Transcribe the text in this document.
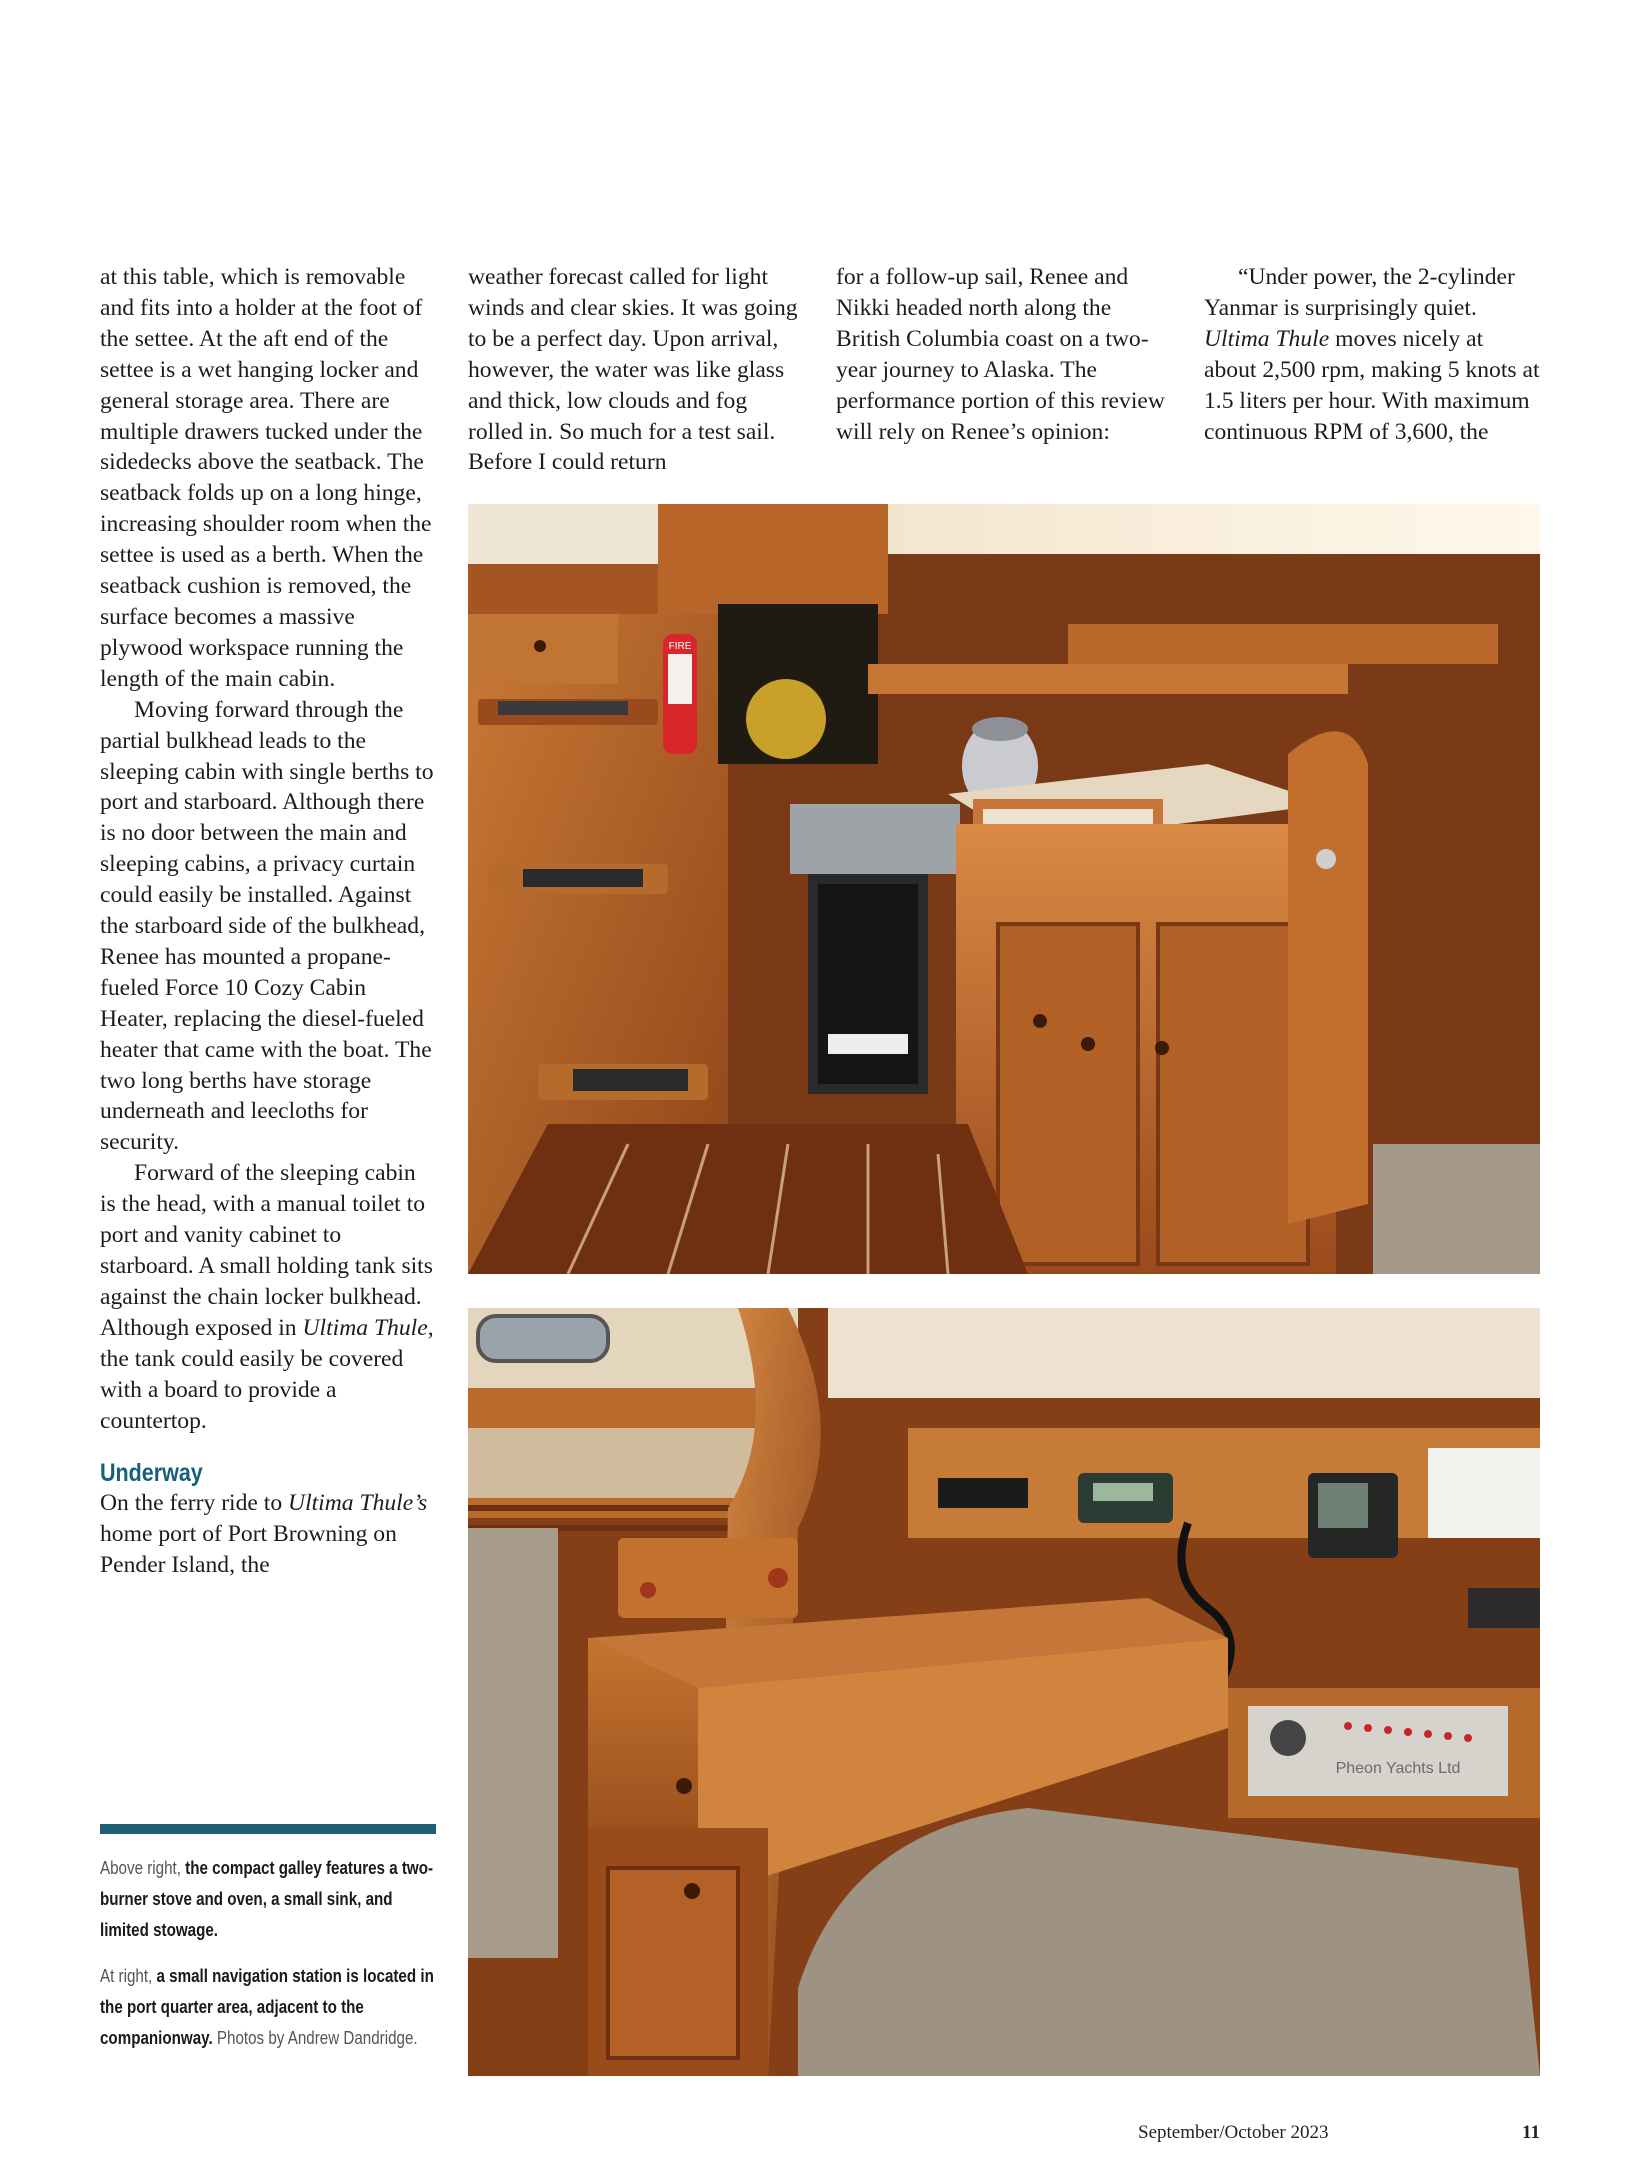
at this table, which is removable and fits into a holder at the foot of the settee. At the aft end of the settee is a wet hanging locker and general storage area. There are multiple drawers tucked under the sidedecks above the seatback. The seatback folds up on a long hinge, increasing shoulder room when the settee is used as a berth. When the seatback cushion is removed, the surface becomes a massive plywood workspace running the length of the main cabin.

Moving forward through the partial bulkhead leads to the sleeping cabin with single berths to port and starboard. Although there is no door between the main and sleeping cabins, a privacy curtain could easily be installed. Against the starboard side of the bulkhead, Renee has mounted a propane-fueled Force 10 Cozy Cabin Heater, replacing the diesel-fueled heater that came with the boat. The two long berths have storage underneath and leecloths for security.

Forward of the sleeping cabin is the head, with a manual toilet to port and vanity cabinet to starboard. A small holding tank sits against the chain locker bulkhead. Although exposed in Ultima Thule, the tank could easily be covered with a board to provide a countertop.

Underway

On the ferry ride to Ultima Thule’s home port of Port Browning on Pender Island, the

weather forecast called for light winds and clear skies. It was going to be a perfect day. Upon arrival, however, the water was like glass and thick, low clouds and fog rolled in. So much for a test sail. Before I could return

for a follow-up sail, Renee and Nikki headed north along the British Columbia coast on a two-year journey to Alaska. The performance portion of this review will rely on Renee’s opinion:

“Under power, the 2-cylinder Yanmar is surprisingly quiet. Ultima Thule moves nicely at about 2,500 rpm, making 5 knots at 1.5 liters per hour. With maximum continuous RPM of 3,600, the

Above right, the compact galley features a two-burner stove and oven, a small sink, and limited stowage.
At right, a small navigation station is located in the port quarter area, adjacent to the companionway. Photos by Andrew Dandridge.
FIRE
Pheon Yachts Ltd
September/October 2023	11
